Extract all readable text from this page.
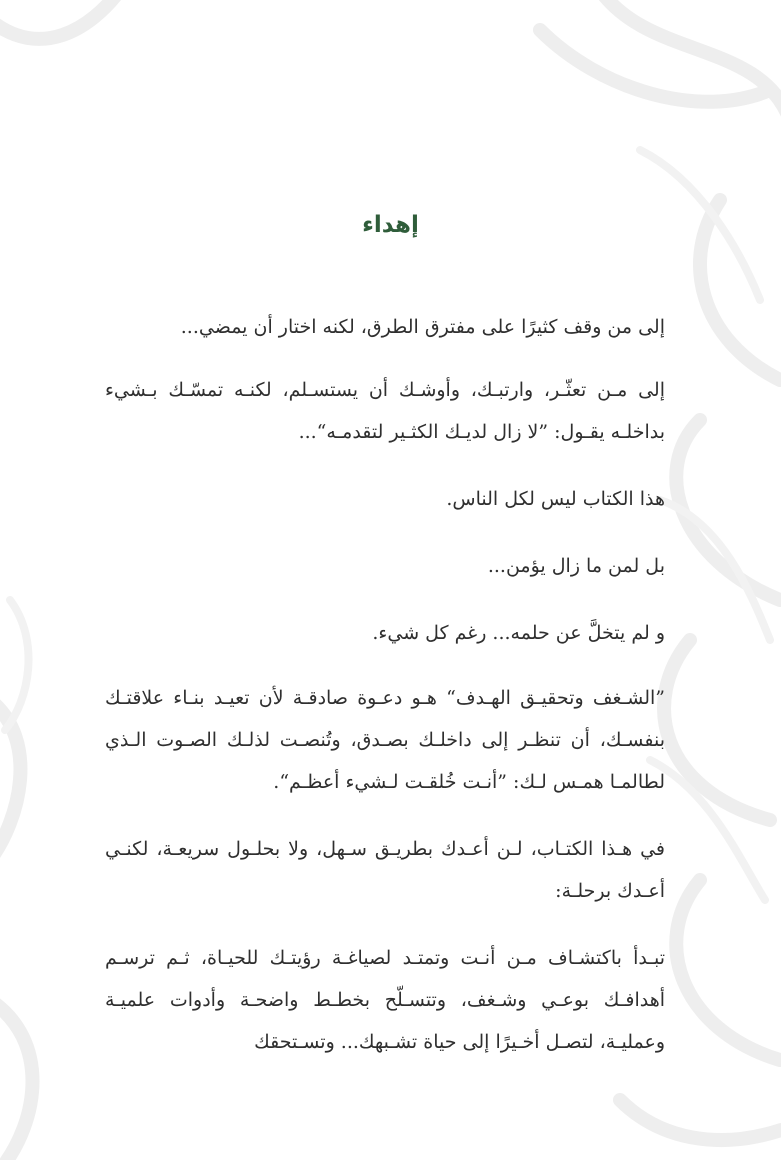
إهداء

إلى من وقف كثيرًا على مفترق الطرق، لكنه اختار أن يمضي...

إلى مـن تعثّـر، وارتبـك، وأوشـك أن يستسـلم، لكنـه تمسّـك بـشيء بداخلـه يقـول: ”لا زال لديـك الكثـير لتقدمـه“...

هذا الكتاب ليس لكل الناس.

بل لمن ما زال يؤمن...

و لم يتخلَّ عن حلمه... رغم كل شيء.

”الشـغف وتحقيـق الهـدف“ هـو دعـوة صادقـة لأن تعيـد بنـاء علاقتـك بنفسـك، أن تنظـر إلى داخلـك بصـدق، وتُنصـت لذلـك الصـوت الـذي لطالمـا همـس لـك: ”أنـت خُلقـت لـشيء أعظـم“.

في هـذا الكتـاب، لـن أعـدك بطريـق سـهل، ولا بحلـول سريعـة، لكنـي أعـدك برحلـة:

تبـدأ باكتشـاف مـن أنـت وتمتـد لصياغـة رؤيتـك للحيـاة، ثـم ترسـم أهدافـك بوعـي وشـغف، وتتسـلّح بخطـط واضحـة وأدوات علميـة وعمليـة، لتصـل أخـيرًا إلى حياة تشـبهك... وتسـتحقك
